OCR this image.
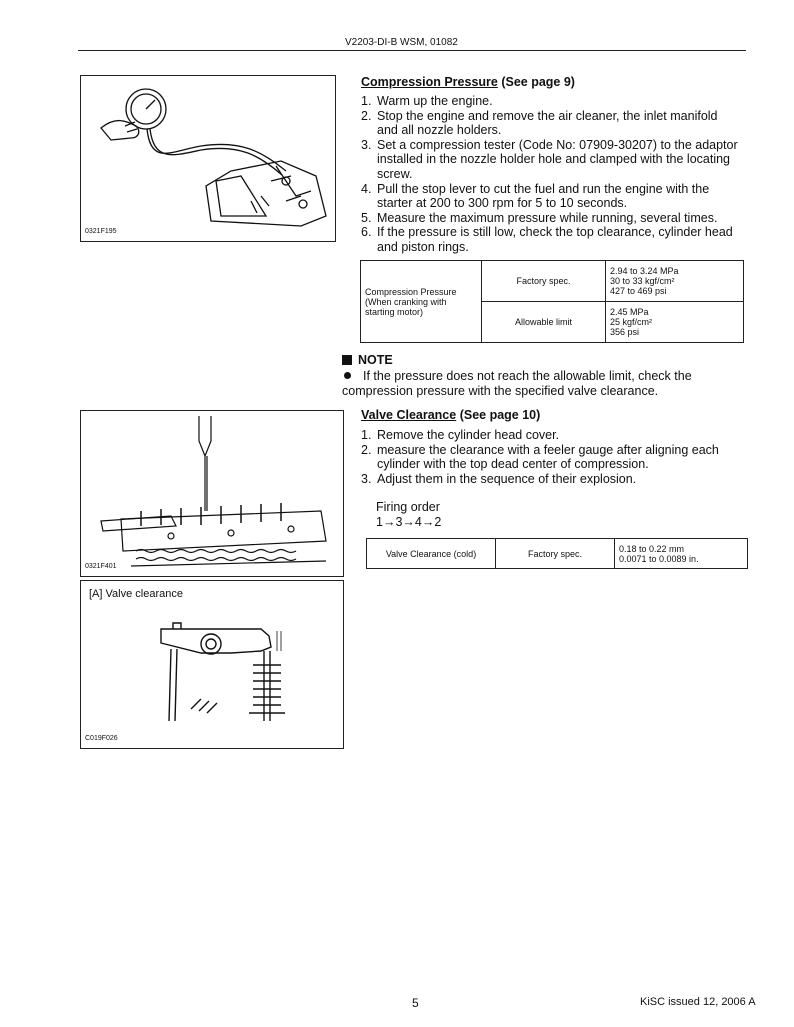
V2203-DI-B WSM, 01082
0321F195
0321F401
[A] Valve clearance
C019F026
Compression Pressure (See page 9)
1. Warm up the engine.
2. Stop the engine and remove the air cleaner, the inlet manifold and all nozzle holders.
3. Set a compression tester (Code No: 07909-30207) to the adaptor installed in the nozzle holder hole and clamped with the locating screw.
4. Pull the stop lever to cut the fuel and run the engine with the starter at 200 to 300 rpm for 5 to 10 seconds.
5. Measure the maximum pressure while running, several times.
6. If the pressure is still low, check the top clearance, cylinder head and piston rings.
Compression Pressure (When cranking with starting motor)	Factory spec.	2.94 to 3.24 MPa
30 to 33 kgf/cm²
427 to 469 psi

	Allowable limit	2.45 MPa
25 kgf/cm²
356 psi
NOTE
If the pressure does not reach the allowable limit, check the compression pressure with the specified valve clearance.
Valve Clearance (See page 10)
1. Remove the cylinder head cover.
2. measure the clearance with a feeler gauge after aligning each cylinder with the top dead center of compression.
3. Adjust them in the sequence of their explosion.
Firing order
1→3→4→2
Valve Clearance (cold)	Factory spec.	0.18 to 0.22 mm
0.0071 to 0.0089 in.
5	KiSC issued 12, 2006 A
